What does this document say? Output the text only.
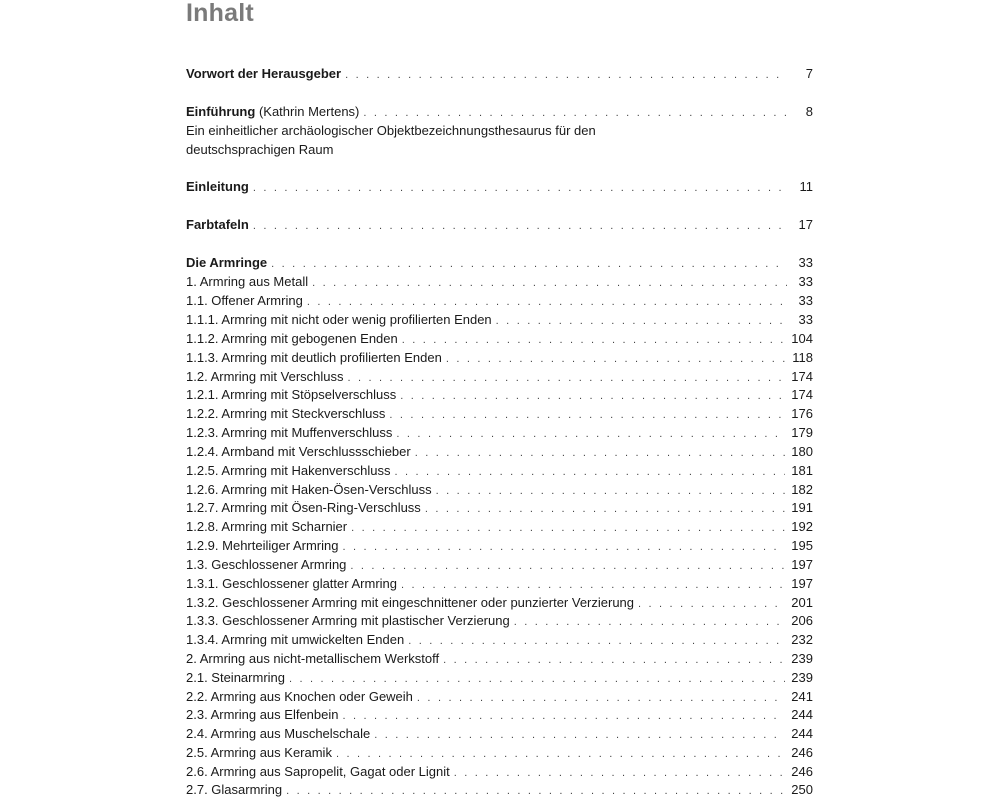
Inhalt
Vorwort der Herausgeber . . .	7
Einführung (Kathrin Mertens) . . .	8
Ein einheitlicher archäologischer Objektbezeichnungsthesaurus für den
deutschsprachigen Raum
Einleitung . . .	11
Farbtafeln . . .	17
Die Armringe . . .	33
1. Armring aus Metall . . .	33
1.1. Offener Armring . . .	33
1.1.1. Armring mit nicht oder wenig profilierten Enden . . .	33
1.1.2. Armring mit gebogenen Enden . . .	104
1.1.3. Armring mit deutlich profilierten Enden . . .	118
1.2. Armring mit Verschluss . . .	174
1.2.1. Armring mit Stöpselverschluss . . .	174
1.2.2. Armring mit Steckverschluss . . .	176
1.2.3. Armring mit Muffenverschluss . . .	179
1.2.4. Armband mit Verschlussschieber . . .	180
1.2.5. Armring mit Hakenverschluss . . .	181
1.2.6. Armring mit Haken-Ösen-Verschluss . . .	182
1.2.7. Armring mit Ösen-Ring-Verschluss . . .	191
1.2.8. Armring mit Scharnier . . .	192
1.2.9. Mehrteiliger Armring . . .	195
1.3. Geschlossener Armring . . .	197
1.3.1. Geschlossener glatter Armring . . .	197
1.3.2. Geschlossener Armring mit eingeschnittener oder punzierter Verzierung . . .	201
1.3.3. Geschlossener Armring mit plastischer Verzierung . . .	206
1.3.4. Armring mit umwickelten Enden . . .	232
2. Armring aus nicht-metallischem Werkstoff . . .	239
2.1. Steinarmring . . .	239
2.2. Armring aus Knochen oder Geweih . . .	241
2.3. Armring aus Elfenbein . . .	244
2.4. Armring aus Muschelschale . . .	244
2.5. Armring aus Keramik . . .	246
2.6. Armring aus Sapropelit, Gagat oder Lignit . . .	246
2.7. Glasarmring . . .	250
